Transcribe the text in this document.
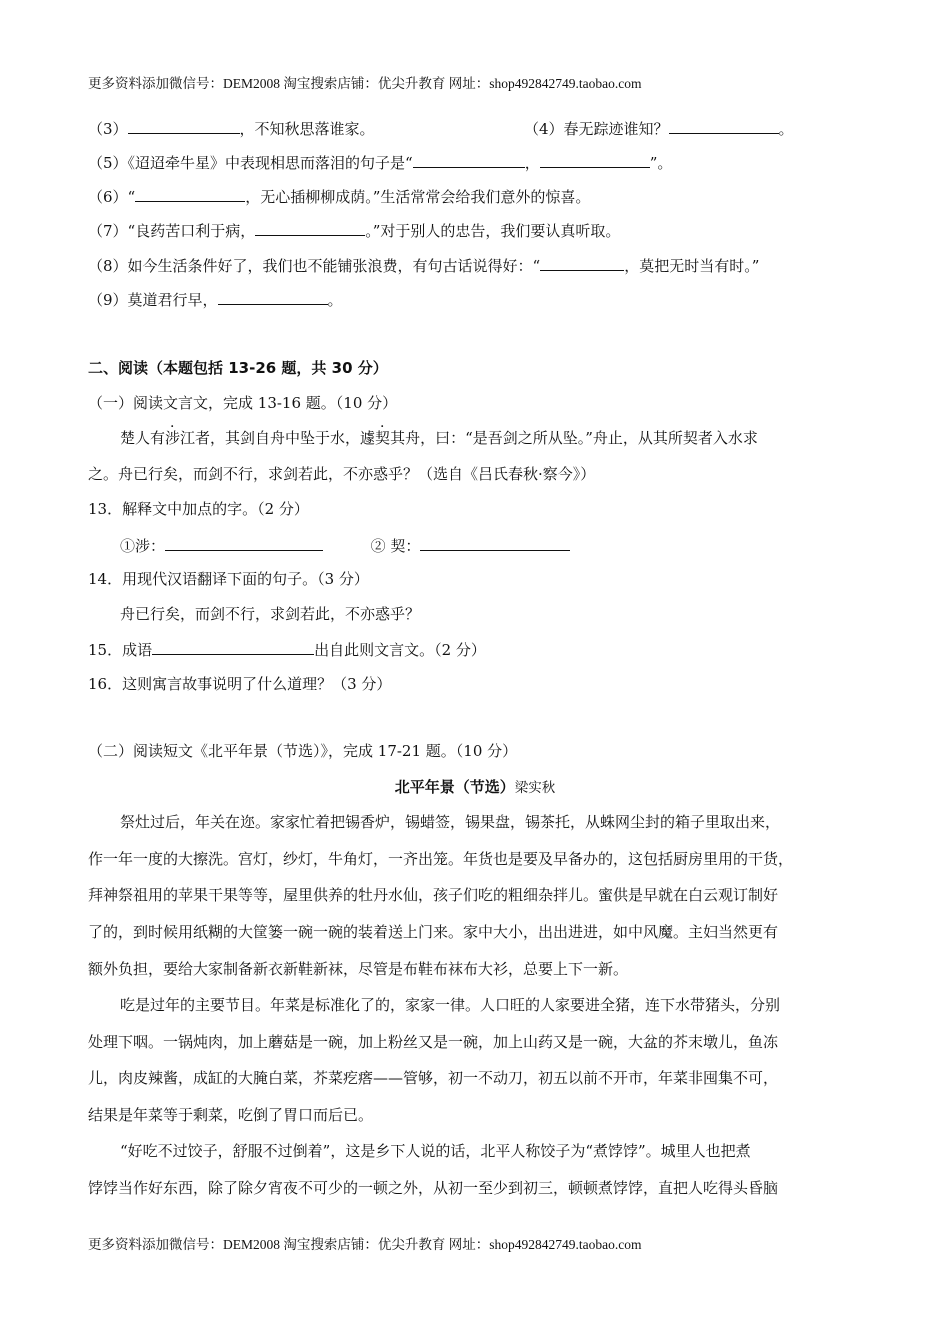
更多资料添加微信号：DEM2008 淘宝搜索店铺：优尖升教育 网址：shop492842749.taobao.com
（3）	，不知秋思落谁家。	（4）春无踪迹谁知？	。
（5）《迢迢牵牛星》中表现相思而落泪的句子是“	，	”。
（6）“	，无心插柳柳成荫。”生活常常会给我们意外的惊喜。
（7）“良药苦口利于病，	。”对于别人的忠告，我们要认真听取。
（8）如今生活条件好了，我们也不能铺张浪费，有句古话说得好：“	，莫把无时当有时。”
（9）莫道君行早，	。
二、阅读（本题包括 13-26 题，共 30 分）
（一）阅读文言文，完成 13-16 题。（10 分）
楚人有涉江者，其剑自舟中坠于水，遽契其舟，曰：“是吾剑之所从坠。”舟止，从其所契者入水求
之。舟已行矣，而剑不行，求剑若此，不亦惑乎？（选自《吕氏春秋·察今》）
13．解释文中加点的字。（2 分）
①涉：	② 契：
14．用现代汉语翻译下面的句子。（3 分）
舟已行矣，而剑不行，求剑若此，不亦惑乎？
15．成语	出自此则文言文。（2 分）
16．这则寓言故事说明了什么道理？（3 分）
（二）阅读短文《北平年景（节选）》，完成 17-21 题。（10 分）
北平年景（节选）梁实秋
祭灶过后，年关在迩。家家忙着把锡香炉，锡蜡签，锡果盘，锡茶托，从蛛网尘封的箱子里取出来，
作一年一度的大擦洗。宫灯，纱灯，牛角灯，一齐出笼。年货也是要及早备办的，这包括厨房里用的干货，
拜神祭祖用的苹果干果等等，屋里供养的牡丹水仙，孩子们吃的粗细杂拌儿。蜜供是早就在白云观订制好
了的，到时候用纸糊的大筐篓一碗一碗的装着送上门来。家中大小，出出进进，如中风魔。主妇当然更有
额外负担，要给大家制备新衣新鞋新袜，尽管是布鞋布袜布大衫，总要上下一新。
吃是过年的主要节目。年菜是标准化了的，家家一律。人口旺的人家要进全猪，连下水带猪头，分别
处理下咽。一锅炖肉，加上蘑菇是一碗，加上粉丝又是一碗，加上山药又是一碗，大盆的芥末墩儿，鱼冻
儿，肉皮辣酱，成缸的大腌白菜，芥菜疙瘩——管够，初一不动刀，初五以前不开市，年菜非囤集不可，
结果是年菜等于剩菜，吃倒了胃口而后已。
“好吃不过饺子，舒服不过倒着”，这是乡下人说的话，北平人称饺子为“煮饽饽”。城里人也把煮
饽饽当作好东西，除了除夕宵夜不可少的一顿之外，从初一至少到初三，顿顿煮饽饽，直把人吃得头昏脑
更多资料添加微信号：DEM2008 淘宝搜索店铺：优尖升教育 网址：shop492842749.taobao.com
